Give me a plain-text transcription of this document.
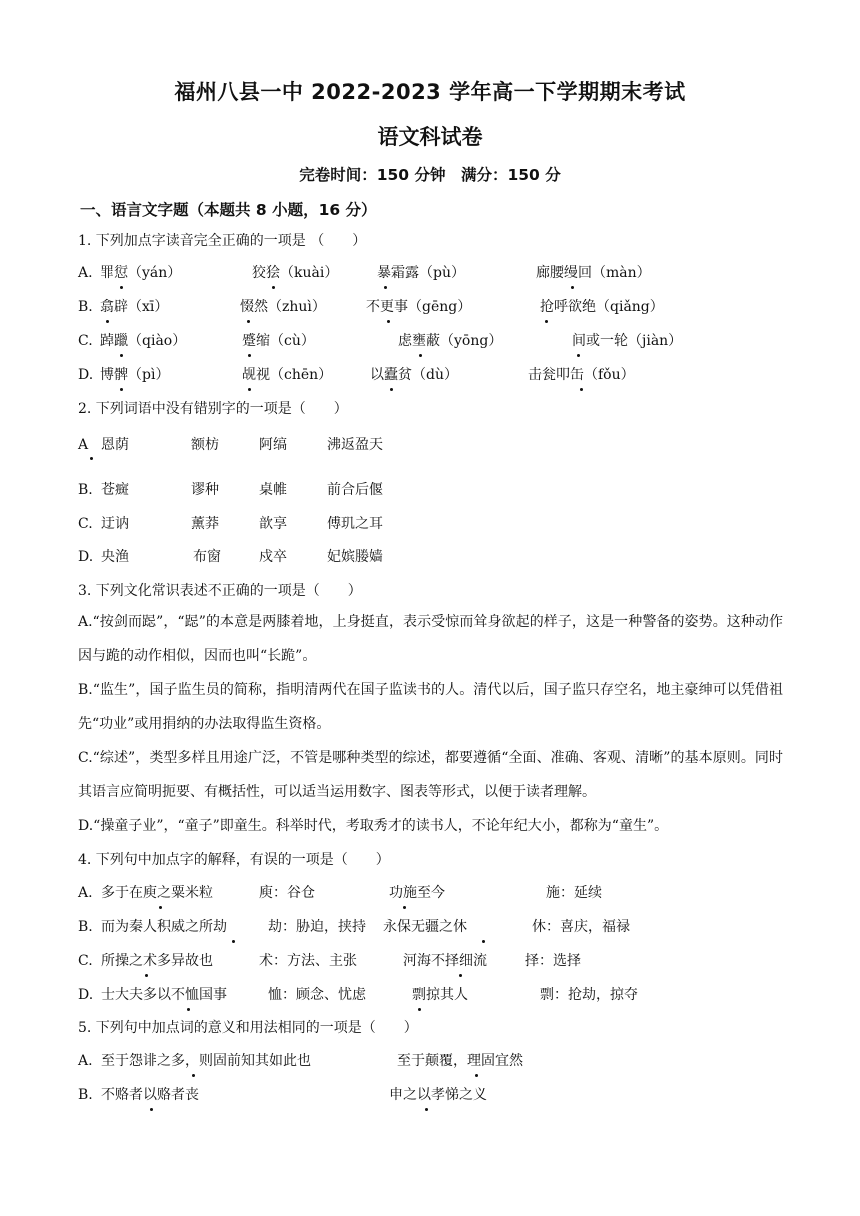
福州八县一中 2022-2023 学年高一下学期期末考试
语文科试卷
完卷时间：150 分钟　满分：150 分
一、语言文字题（本题共 8 小题，16 分）
1. 下列加点字读音完全正确的一项是 （　　）
A. 罪愆（yán）	狡狯（kuài）	暴霜露（pù）	廊腰缦回（màn）
B. 翕辟（xī）	惙然（zhuì）	不更事（gēng）	抢呼欲绝（qiǎng）
C. 踔躐（qiào）	蹙缩（cù）	虑壅蔽（yōng）	间或一轮（jiàn）
D. 博髀（pì）	觇视（chēn）	以蠹贫（dù）	击瓮叩缶（fǒu）
2. 下列词语中没有错别字的一项是（　　）
A 恩荫	额枋	阿缟	沸返盈天
B. 苍癍	谬种	桌帷	前合后偃
C. 迂讷	薰莽	歆享	傅玑之耳
D. 央渔	布窗	戍卒	妃嫔媵嫱
3. 下列文化常识表述不正确的一项是（　　）
A.“按剑而跽”，“跽”的本意是两膝着地，上身挺直，表示受惊而耸身欲起的样子，这是一种警备的姿势。这种动作因与跪的动作相似，因而也叫“长跪”。
B.“监生”，国子监生员的简称，指明清两代在国子监读书的人。清代以后，国子监只存空名，地主豪绅可以凭借祖先“功业”或用捐纳的办法取得监生资格。
C.“综述”，类型多样且用途广泛，不管是哪种类型的综述，都要遵循“全面、准确、客观、清晰”的基本原则。同时其语言应简明扼要、有概括性，可以适当运用数字、图表等形式，以便于读者理解。
D.“操童子业”，“童子”即童生。科举时代，考取秀才的读书人，不论年纪大小，都称为“童生”。
4. 下列句中加点字的解释，有误的一项是（　　）
A. 多于在庾之粟米粒	庾：谷仓	功施至今	施：延续
B. 而为秦人积威之所劫	劫：胁迫，挟持 永保无疆之休	休：喜庆，福禄
C. 所操之术多异故也	术：方法、主张	河海不择细流	择：选择
D. 士大夫多以不恤国事	恤：顾念、忧虑	剽掠其人	剽：抢劫，掠夺
5. 下列句中加点词的意义和用法相同的一项是（　　）
A. 至于怨诽之多，则固前知其如此也	至于颠覆，理固宜然
B. 不赂者以赂者丧	申之以孝悌之义
